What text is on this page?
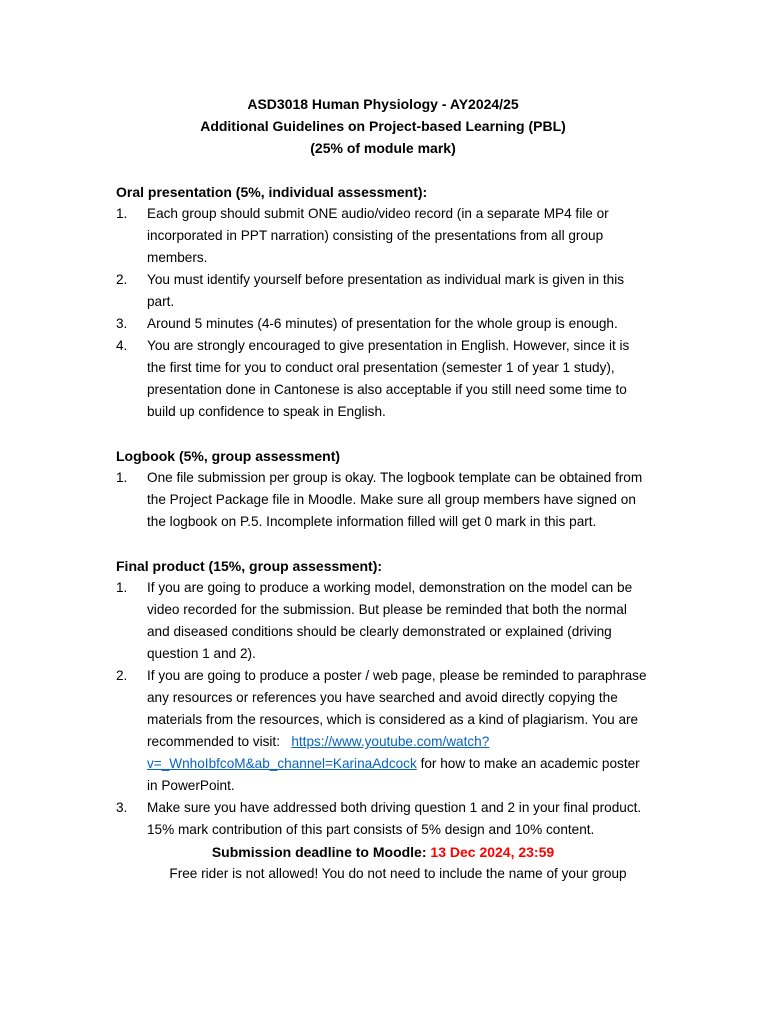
ASD3018 Human Physiology - AY2024/25
Additional Guidelines on Project-based Learning (PBL)
(25% of module mark)
Oral presentation (5%, individual assessment):
1. Each group should submit ONE audio/video record (in a separate MP4 file or incorporated in PPT narration) consisting of the presentations from all group members.
2. You must identify yourself before presentation as individual mark is given in this part.
3. Around 5 minutes (4-6 minutes) of presentation for the whole group is enough.
4. You are strongly encouraged to give presentation in English. However, since it is the first time for you to conduct oral presentation (semester 1 of year 1 study), presentation done in Cantonese is also acceptable if you still need some time to build up confidence to speak in English.
Logbook (5%, group assessment)
1. One file submission per group is okay. The logbook template can be obtained from the Project Package file in Moodle. Make sure all group members have signed on the logbook on P.5. Incomplete information filled will get 0 mark in this part.
Final product (15%, group assessment):
1. If you are going to produce a working model, demonstration on the model can be video recorded for the submission. But please be reminded that both the normal and diseased conditions should be clearly demonstrated or explained (driving question 1 and 2).
2. If you are going to produce a poster / web page, please be reminded to paraphrase any resources or references you have searched and avoid directly copying the materials from the resources, which is considered as a kind of plagiarism. You are recommended to visit: https://www.youtube.com/watch?v=_WnhoIbfcoM&ab_channel=KarinaAdcock for how to make an academic poster in PowerPoint.
3. Make sure you have addressed both driving question 1 and 2 in your final product. 15% mark contribution of this part consists of 5% design and 10% content.
Submission deadline to Moodle: 13 Dec 2024, 23:59
Free rider is not allowed! You do not need to include the name of your group
